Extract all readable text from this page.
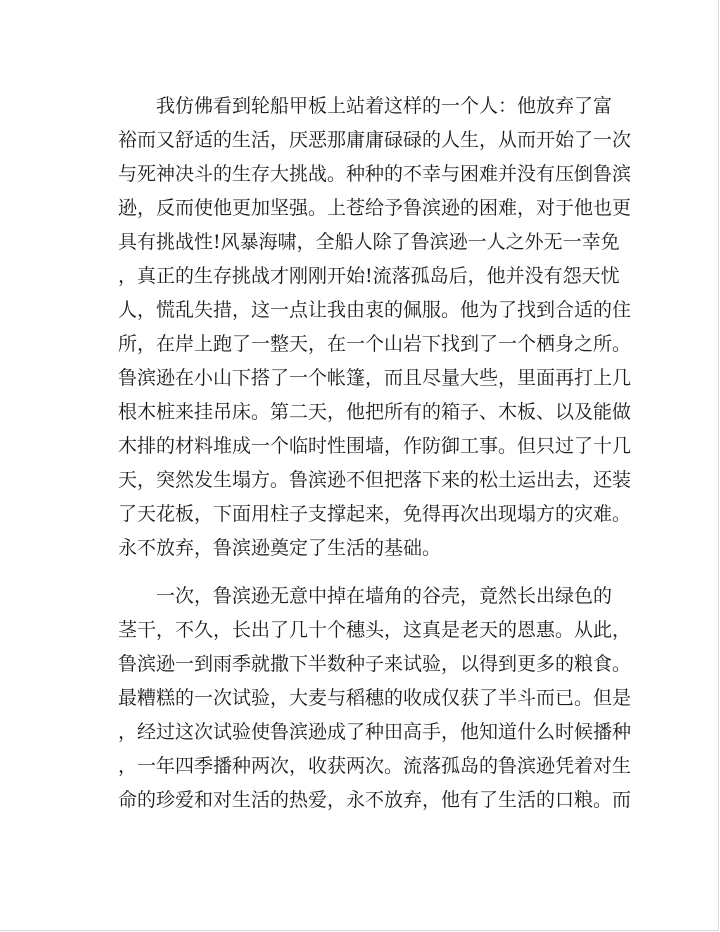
　　我仿佛看到轮船甲板上站着这样的一个人：他放弃了富
裕而又舒适的生活，厌恶那庸庸碌碌的人生，从而开始了一次
与死神决斗的生存大挑战。种种的不幸与困难并没有压倒鲁滨
逊，反而使他更加坚强。上苍给予鲁滨逊的困难，对于他也更
具有挑战性!风暴海啸，全船人除了鲁滨逊一人之外无一幸免
，真正的生存挑战才刚刚开始!流落孤岛后，他并没有怨天忧
人，慌乱失措，这一点让我由衷的佩服。他为了找到合适的住
所，在岸上跑了一整天，在一个山岩下找到了一个栖身之所。
鲁滨逊在小山下搭了一个帐篷，而且尽量大些，里面再打上几
根木桩来挂吊床。第二天，他把所有的箱子、木板、以及能做
木排的材料堆成一个临时性围墙，作防御工事。但只过了十几
天，突然发生塌方。鲁滨逊不但把落下来的松土运出去，还装
了天花板，下面用柱子支撑起来，免得再次出现塌方的灾难。
永不放弃，鲁滨逊奠定了生活的基础。
　　一次，鲁滨逊无意中掉在墙角的谷壳，竟然长出绿色的
茎干，不久，长出了几十个穗头，这真是老天的恩惠。从此，
鲁滨逊一到雨季就撒下半数种子来试验，以得到更多的粮食。
最糟糕的一次试验，大麦与稻穗的收成仅获了半斗而已。但是
，经过这次试验使鲁滨逊成了种田高手，他知道什么时候播种
，一年四季播种两次，收获两次。流落孤岛的鲁滨逊凭着对生
命的珍爱和对生活的热爱，永不放弃，他有了生活的口粮。而
